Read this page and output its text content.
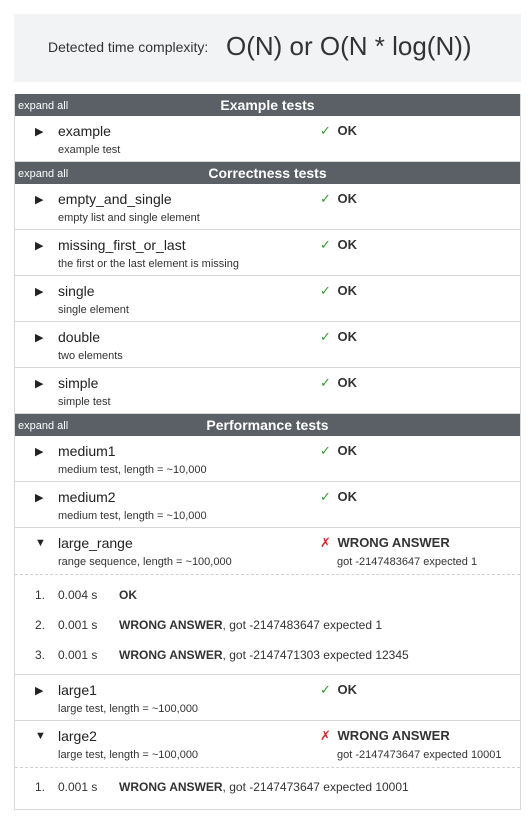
Detected time complexity: O(N) or O(N * log(N))
expand all	Example tests
▶ example
example test
✓ OK
expand all	Correctness tests
▶ empty_and_single
empty list and single element
✓ OK
▶ missing_first_or_last
the first or the last element is missing
✓ OK
▶ single
single element
✓ OK
▶ double
two elements
✓ OK
▶ simple
simple test
✓ OK
expand all	Performance tests
▶ medium1
medium test, length = ~10,000
✓ OK
▶ medium2
medium test, length = ~10,000
✓ OK
▼ large_range
range sequence, length = ~100,000
✗ WRONG ANSWER
got -2147483647 expected 1
1. 0.004 s OK
2. 0.001 s WRONG ANSWER, got -2147483647 expected 1
3. 0.001 s WRONG ANSWER, got -2147471303 expected 12345
▶ large1
large test, length = ~100,000
✓ OK
▼ large2
large test, length = ~100,000
✗ WRONG ANSWER
got -2147473647 expected 10001
1. 0.001 s WRONG ANSWER, got -2147473647 expected 10001
